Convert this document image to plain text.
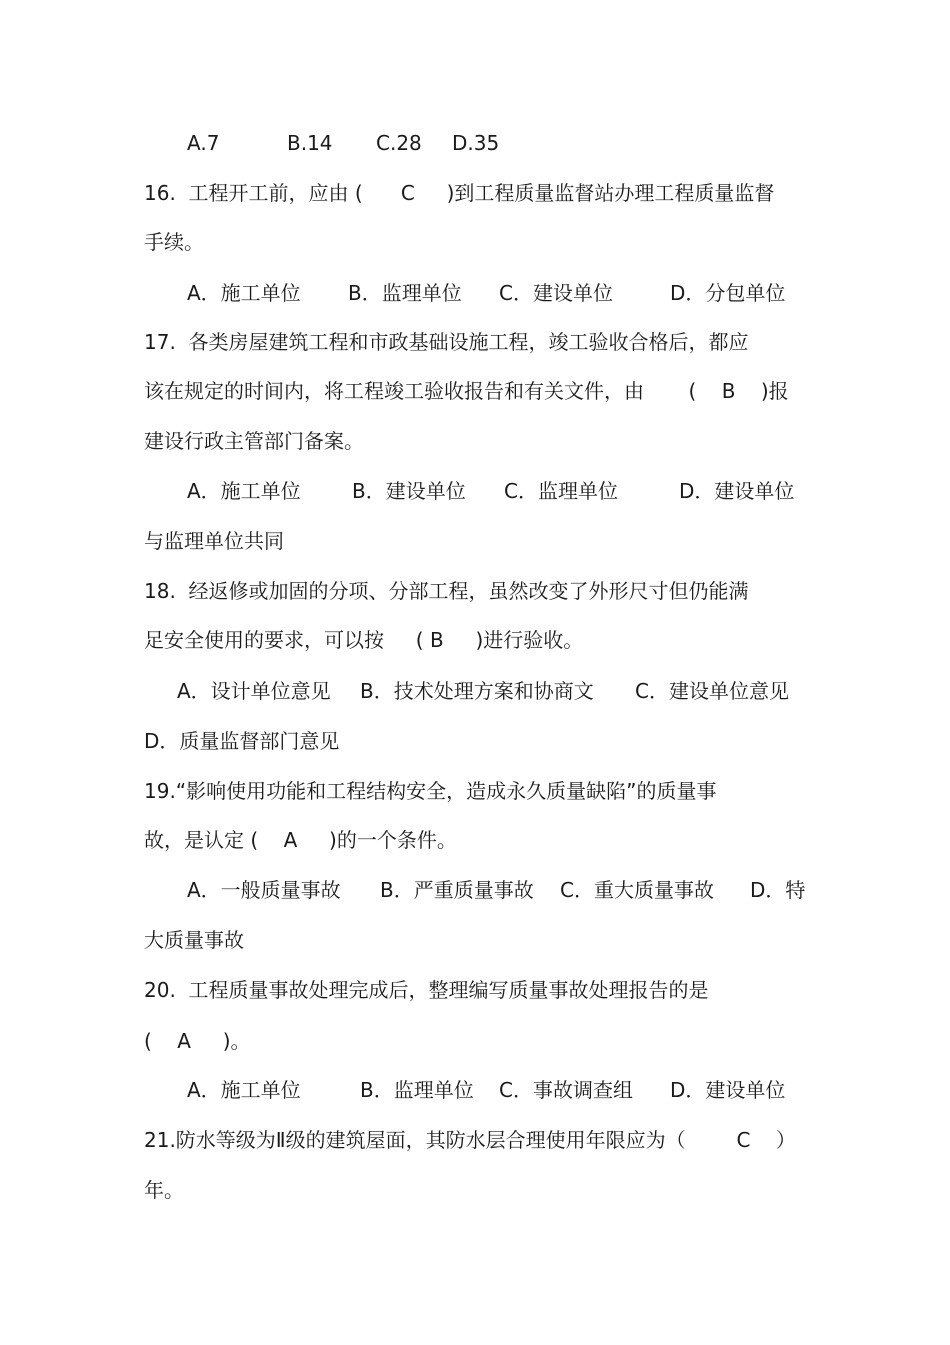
A.7	B.14 C.28 D.35
16.  工程开工前，应由 (      C     )到工程质量监督站办理工程质量监督
手续。
A．施工单位 B．监理单位 C．建设单位	D．分包单位
17.  各类房屋建筑工程和市政基础设施工程，竣工验收合格后，都应
该在规定的时间内，将工程竣工验收报告和有关文件，由       (    B    )报
建设行政主管部门备案。
A．施工单位	B．建设单位 C．监理单位	D．建设单位
与监理单位共同
18.  经返修或加固的分项、分部工程，虽然改变了外形尺寸但仍能满
足安全使用的要求，可以按     ( B     )进行验收。
A．设计单位意见 B．技术处理方案和协商文 C．建设单位意见
D．质量监督部门意见
19.“影响使用功能和工程结构安全，造成永久质量缺陷”的质量事
故，是认定 (    A     )的一个条件。
A．一般质量事故 B．严重质量事故 C．重大质量事故 D．特
大质量事故
20.  工程质量事故处理完成后，整理编写质量事故处理报告的是
(    A     )。
A．施工单位	B．监理单位 C．事故调查组 D．建设单位
21.防水等级为Ⅱ级的建筑屋面，其防水层合理使用年限应为（        C    ）
年。
